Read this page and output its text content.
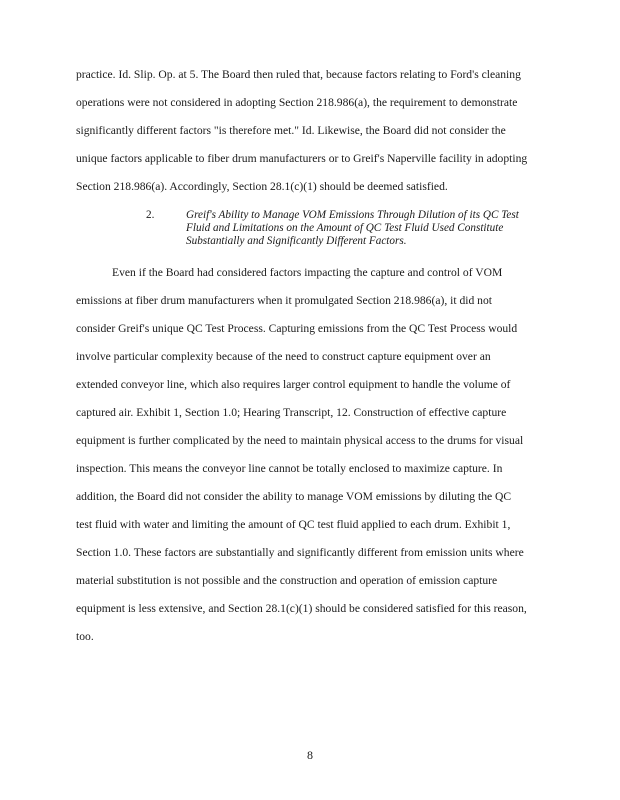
practice. Id. Slip. Op. at 5. The Board then ruled that, because factors relating to Ford's cleaning
operations were not considered in adopting Section 218.986(a), the requirement to demonstrate
significantly different factors "is therefore met." Id. Likewise, the Board did not consider the
unique factors applicable to fiber drum manufacturers or to Greif's Naperville facility in adopting
Section 218.986(a). Accordingly, Section 28.1(c)(1) should be deemed satisfied.
2.	Greif's Ability to Manage VOM Emissions Through Dilution of its QC Test
Fluid and Limitations on the Amount of QC Test Fluid Used Constitute
Substantially and Significantly Different Factors.
Even if the Board had considered factors impacting the capture and control of VOM
emissions at fiber drum manufacturers when it promulgated Section 218.986(a), it did not
consider Greif's unique QC Test Process. Capturing emissions from the QC Test Process would
involve particular complexity because of the need to construct capture equipment over an
extended conveyor line, which also requires larger control equipment to handle the volume of
captured air. Exhibit 1, Section 1.0; Hearing Transcript, 12. Construction of effective capture
equipment is further complicated by the need to maintain physical access to the drums for visual
inspection. This means the conveyor line cannot be totally enclosed to maximize capture. In
addition, the Board did not consider the ability to manage VOM emissions by diluting the QC
test fluid with water and limiting the amount of QC test fluid applied to each drum. Exhibit 1,
Section 1.0. These factors are substantially and significantly different from emission units where
material substitution is not possible and the construction and operation of emission capture
equipment is less extensive, and Section 28.1(c)(1) should be considered satisfied for this reason,
too.
8
